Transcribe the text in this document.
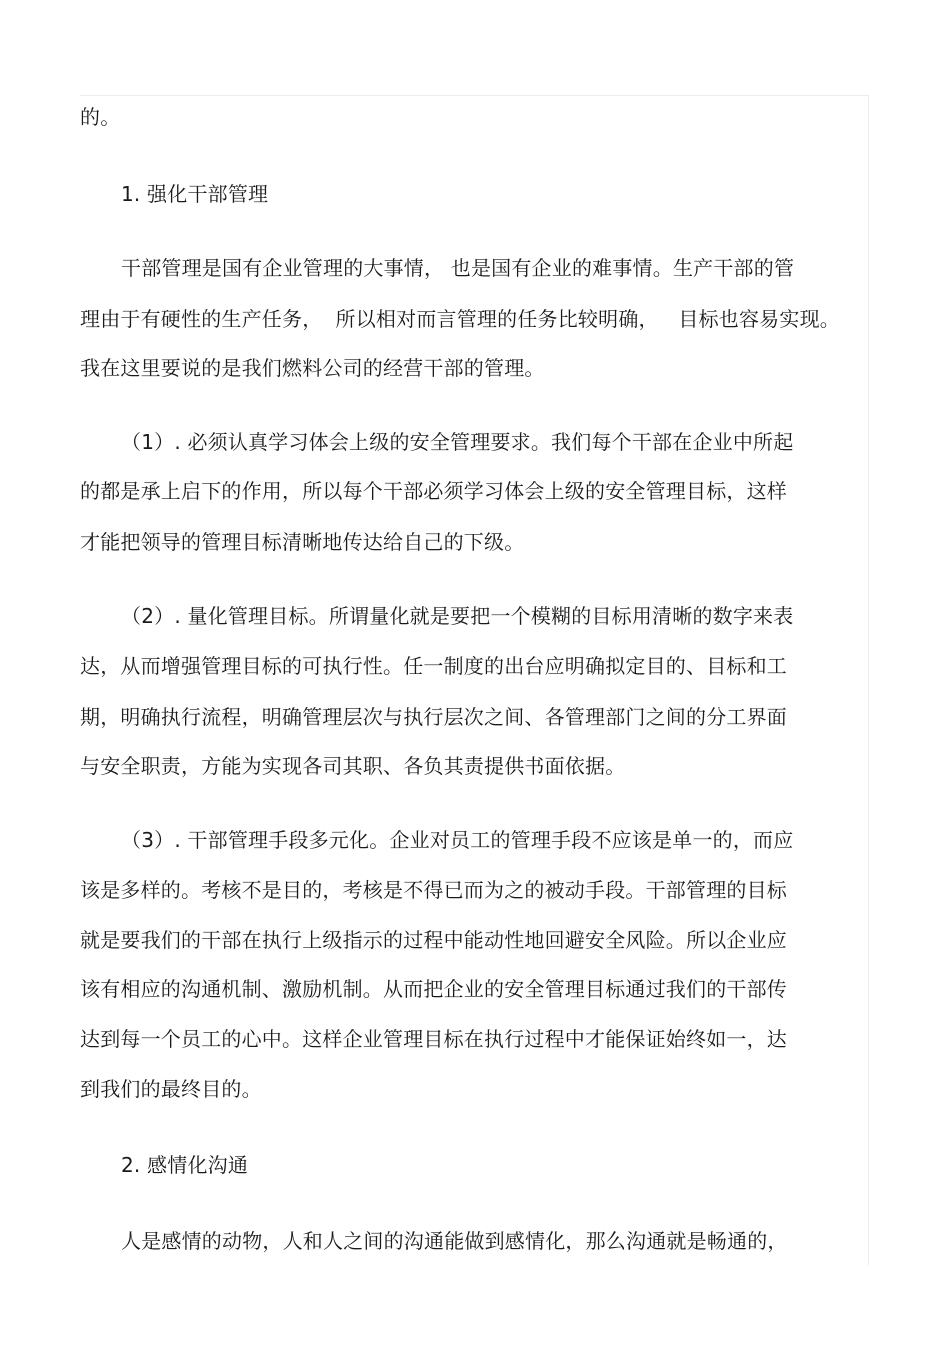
的。
1. 强化干部管理
干部管理是国有企业管理的大事情， 也是国有企业的难事情。生产干部的管
理由于有硬性的生产任务，  所以相对而言管理的任务比较明确，   目标也容易实现。
我在这里要说的是我们燃料公司的经营干部的管理。
（1）. 必须认真学习体会上级的安全管理要求。我们每个干部在企业中所起
的都是承上启下的作用，所以每个干部必须学习体会上级的安全管理目标，这样
才能把领导的管理目标清晰地传达给自己的下级。
（2）. 量化管理目标。所谓量化就是要把一个模糊的目标用清晰的数字来表
达，从而增强管理目标的可执行性。任一制度的出台应明确拟定目的、目标和工
期，明确执行流程，明确管理层次与执行层次之间、各管理部门之间的分工界面
与安全职责，方能为实现各司其职、各负其责提供书面依据。
（3）. 干部管理手段多元化。企业对员工的管理手段不应该是单一的，而应
该是多样的。考核不是目的，考核是不得已而为之的被动手段。干部管理的目标
就是要我们的干部在执行上级指示的过程中能动性地回避安全风险。所以企业应
该有相应的沟通机制、激励机制。从而把企业的安全管理目标通过我们的干部传
达到每一个员工的心中。这样企业管理目标在执行过程中才能保证始终如一，达
到我们的最终目的。
2. 感情化沟通
人是感情的动物，人和人之间的沟通能做到感情化，那么沟通就是畅通的，
